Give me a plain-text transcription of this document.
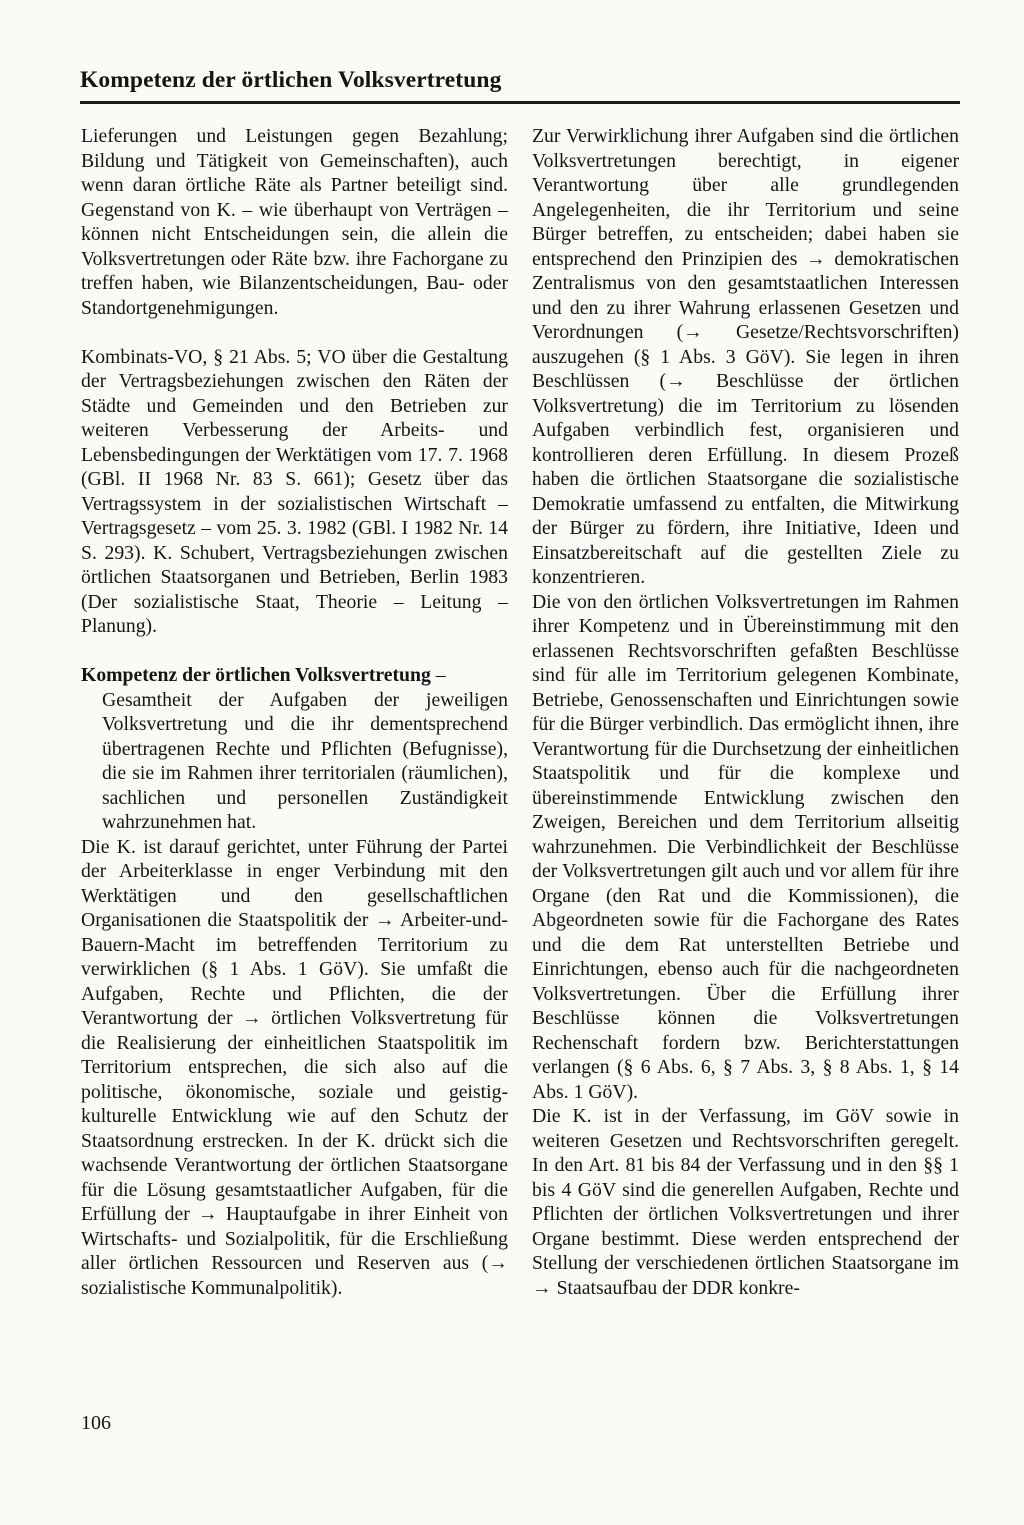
Kompetenz der örtlichen Volksvertretung

Lieferungen und Leistungen gegen Bezahlung; Bildung und Tätigkeit von Gemeinschaften), auch wenn daran örtliche Räte als Partner beteiligt sind. Gegenstand von K. – wie überhaupt von Verträgen – können nicht Entscheidungen sein, die allein die Volksvertretungen oder Räte bzw. ihre Fachorgane zu treffen haben, wie Bilanzentscheidungen, Bau- oder Standortgenehmigungen.

Kombinats-VO, § 21 Abs. 5; VO über die Gestaltung der Vertragsbeziehungen zwischen den Räten der Städte und Gemeinden und den Betrieben zur weiteren Verbesserung der Arbeits- und Lebensbedingungen der Werktätigen vom 17. 7. 1968 (GBl. II 1968 Nr. 83 S. 661); Gesetz über das Vertragssystem in der sozialistischen Wirtschaft – Vertragsgesetz – vom 25. 3. 1982 (GBl. I 1982 Nr. 14 S. 293). K. Schubert, Vertragsbeziehungen zwischen örtlichen Staatsorganen und Betrieben, Berlin 1983 (Der sozialistische Staat, Theorie – Leitung – Planung).

Kompetenz der örtlichen Volksvertretung –
Gesamtheit der Aufgaben der jeweiligen Volksvertretung und die ihr dementsprechend übertragenen Rechte und Pflichten (Befugnisse), die sie im Rahmen ihrer territorialen (räumlichen), sachlichen und personellen Zuständigkeit wahrzunehmen hat.

Die K. ist darauf gerichtet, unter Führung der Partei der Arbeiterklasse in enger Verbindung mit den Werktätigen und den gesellschaftlichen Organisationen die Staatspolitik der → Arbeiter-und-Bauern-Macht im betreffenden Territorium zu verwirklichen (§ 1 Abs. 1 GöV). Sie umfaßt die Aufgaben, Rechte und Pflichten, die der Verantwortung der → örtlichen Volksvertretung für die Realisierung der einheitlichen Staatspolitik im Territorium entsprechen, die sich also auf die politische, ökonomische, soziale und geistig-kulturelle Entwicklung wie auf den Schutz der Staatsordnung erstrecken. In der K. drückt sich die wachsende Verantwortung der örtlichen Staatsorgane für die Lösung gesamtstaatlicher Aufgaben, für die Erfüllung der → Hauptaufgabe in ihrer Einheit von Wirtschafts- und Sozialpolitik, für die Erschließung aller örtlichen Ressourcen und Reserven aus (→ sozialistische Kommunalpolitik).

Zur Verwirklichung ihrer Aufgaben sind die örtlichen Volksvertretungen berechtigt, in eigener Verantwortung über alle grundlegenden Angelegenheiten, die ihr Territorium und seine Bürger betreffen, zu entscheiden; dabei haben sie entsprechend den Prinzipien des → demokratischen Zentralismus von den gesamtstaatlichen Interessen und den zu ihrer Wahrung erlassenen Gesetzen und Verordnungen (→ Gesetze/Rechtsvorschriften) auszugehen (§ 1 Abs. 3 GöV). Sie legen in ihren Beschlüssen (→ Beschlüsse der örtlichen Volksvertretung) die im Territorium zu lösenden Aufgaben verbindlich fest, organisieren und kontrollieren deren Erfüllung. In diesem Prozeß haben die örtlichen Staatsorgane die sozialistische Demokratie umfassend zu entfalten, die Mitwirkung der Bürger zu fördern, ihre Initiative, Ideen und Einsatzbereitschaft auf die gestellten Ziele zu konzentrieren.

Die von den örtlichen Volksvertretungen im Rahmen ihrer Kompetenz und in Übereinstimmung mit den erlassenen Rechtsvorschriften gefaßten Beschlüsse sind für alle im Territorium gelegenen Kombinate, Betriebe, Genossenschaften und Einrichtungen sowie für die Bürger verbindlich. Das ermöglicht ihnen, ihre Verantwortung für die Durchsetzung der einheitlichen Staatspolitik und für die komplexe und übereinstimmende Entwicklung zwischen den Zweigen, Bereichen und dem Territorium allseitig wahrzunehmen. Die Verbindlichkeit der Beschlüsse der Volksvertretungen gilt auch und vor allem für ihre Organe (den Rat und die Kommissionen), die Abgeordneten sowie für die Fachorgane des Rates und die dem Rat unterstellten Betriebe und Einrichtungen, ebenso auch für die nachgeordneten Volksvertretungen. Über die Erfüllung ihrer Beschlüsse können die Volksvertretungen Rechenschaft fordern bzw. Berichterstattungen verlangen (§ 6 Abs. 6, § 7 Abs. 3, § 8 Abs. 1, § 14 Abs. 1 GöV).

Die K. ist in der Verfassung, im GöV sowie in weiteren Gesetzen und Rechtsvorschriften geregelt. In den Art. 81 bis 84 der Verfassung und in den §§ 1 bis 4 GöV sind die generellen Aufgaben, Rechte und Pflichten der örtlichen Volksvertretungen und ihrer Organe bestimmt. Diese werden entsprechend der Stellung der verschiedenen örtlichen Staatsorgane im → Staatsaufbau der DDR konkre-

106
